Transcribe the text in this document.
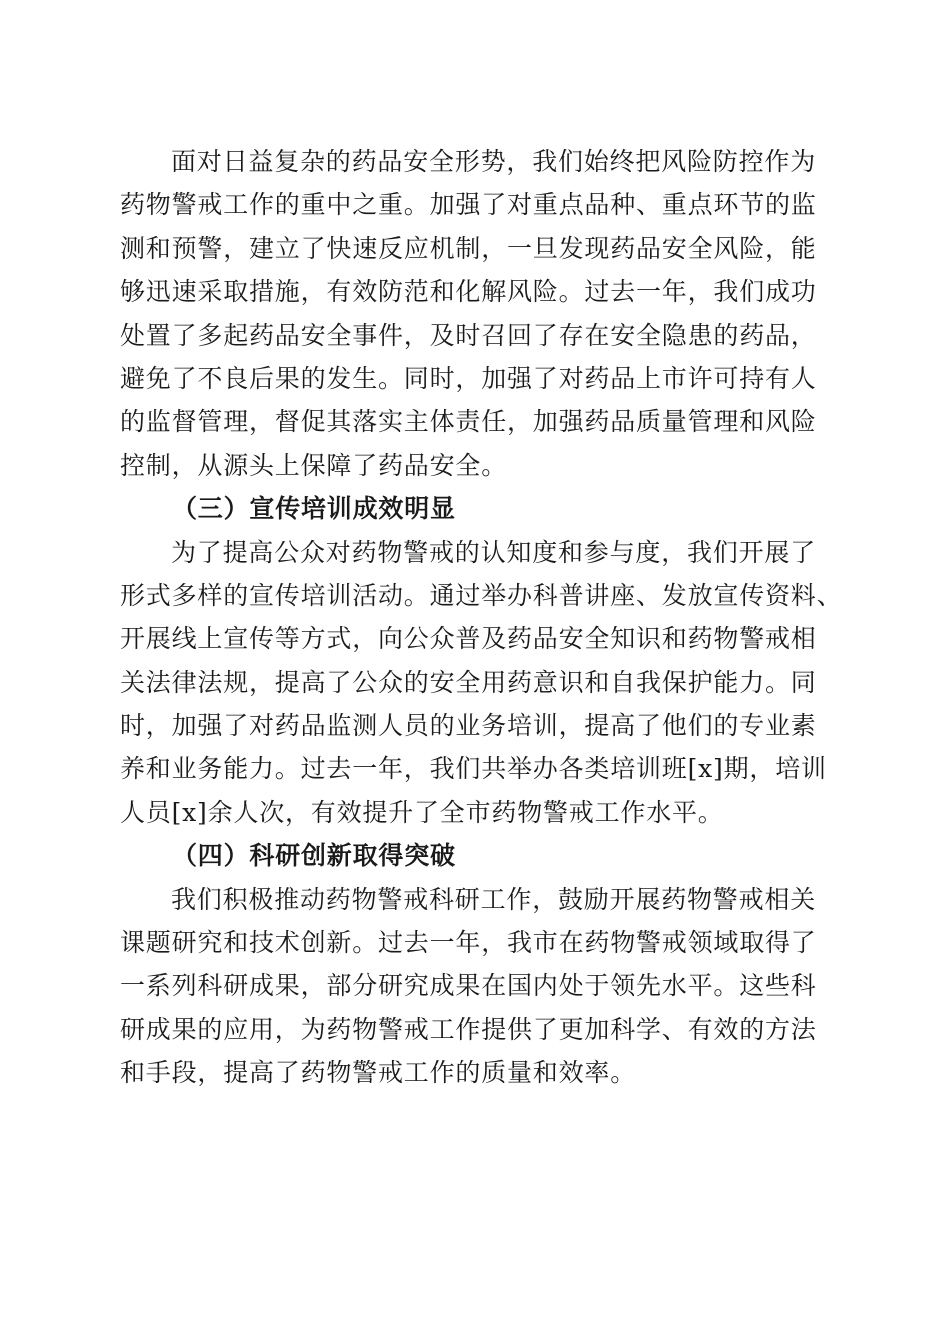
面对日益复杂的药品安全形势，我们始终把风险防控作为
药物警戒工作的重中之重。加强了对重点品种、重点环节的监
测和预警，建立了快速反应机制，一旦发现药品安全风险，能
够迅速采取措施，有效防范和化解风险。过去一年，我们成功
处置了多起药品安全事件，及时召回了存在安全隐患的药品，
避免了不良后果的发生。同时，加强了对药品上市许可持有人
的监督管理，督促其落实主体责任，加强药品质量管理和风险
控制，从源头上保障了药品安全。
（三）宣传培训成效明显
为了提高公众对药物警戒的认知度和参与度，我们开展了
形式多样的宣传培训活动。通过举办科普讲座、发放宣传资料、
开展线上宣传等方式，向公众普及药品安全知识和药物警戒相
关法律法规，提高了公众的安全用药意识和自我保护能力。同
时，加强了对药品监测人员的业务培训，提高了他们的专业素
养和业务能力。过去一年，我们共举办各类培训班[x]期，培训
人员[x]余人次，有效提升了全市药物警戒工作水平。
（四）科研创新取得突破
我们积极推动药物警戒科研工作，鼓励开展药物警戒相关
课题研究和技术创新。过去一年，我市在药物警戒领域取得了
一系列科研成果，部分研究成果在国内处于领先水平。这些科
研成果的应用，为药物警戒工作提供了更加科学、有效的方法
和手段，提高了药物警戒工作的质量和效率。
